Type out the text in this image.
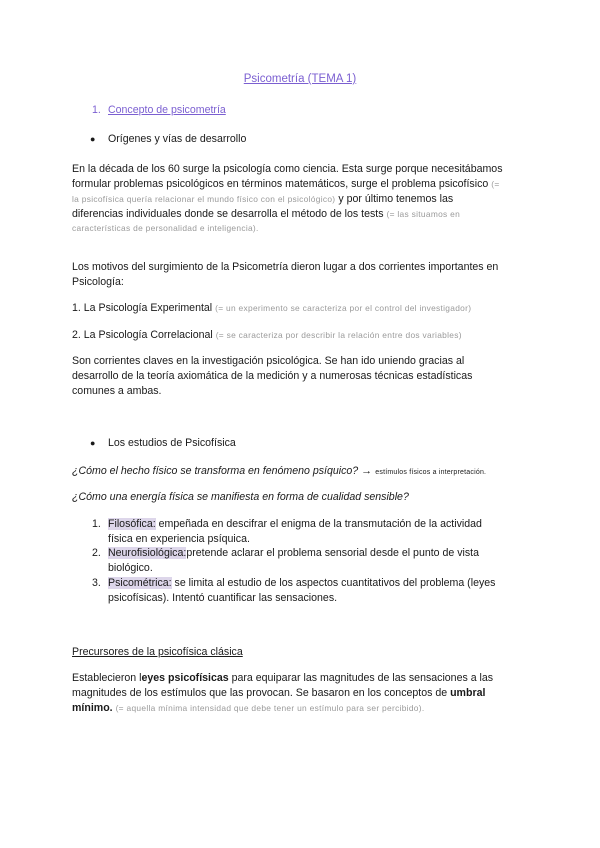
Psicometría (TEMA 1)
1. Concepto de psicometría
● Orígenes y vías de desarrollo
En la década de los 60 surge la psicología como ciencia. Esta surge porque necesitábamos
formular problemas psicológicos en términos matemáticos, surge el problema psicofísico (=
la psicofísica quería relacionar el mundo físico con el psicológico) y por último tenemos las
diferencias individuales donde se desarrolla el método de los tests (= las situamos en
características de personalidad e inteligencia).
Los motivos del surgimiento de la Psicometría dieron lugar a dos corrientes importantes en
Psicología:
1. La Psicología Experimental (= un experimento se caracteriza por el control del investigador)
2. La Psicología Correlacional (= se caracteriza por describir la relación entre dos variables)
Son corrientes claves en la investigación psicológica. Se han ido uniendo gracias al
desarrollo de la teoría axiomática de la medición y a numerosas técnicas estadísticas
comunes a ambas.
● Los estudios de Psicofísica
¿Cómo el hecho físico se transforma en fenómeno psíquico? → estímulos físicos a interpretación.
¿Cómo una energía física se manifiesta en forma de cualidad sensible?
1. Filosófica: empeñada en descifrar el enigma de la transmutación de la actividad
física en experiencia psíquica.
2. Neurofisiológica:pretende aclarar el problema sensorial desde el punto de vista
biológico.
3. Psicométrica: se limita al estudio de los aspectos cuantitativos del problema (leyes
psicofísicas). Intentó cuantificar las sensaciones.
Precursores de la psicofísica clásica
Establecieron leyes psicofísicas para equiparar las magnitudes de las sensaciones a las
magnitudes de los estímulos que las provocan. Se basaron en los conceptos de umbral
mínimo. (= aquella mínima intensidad que debe tener un estímulo para ser percibido).
